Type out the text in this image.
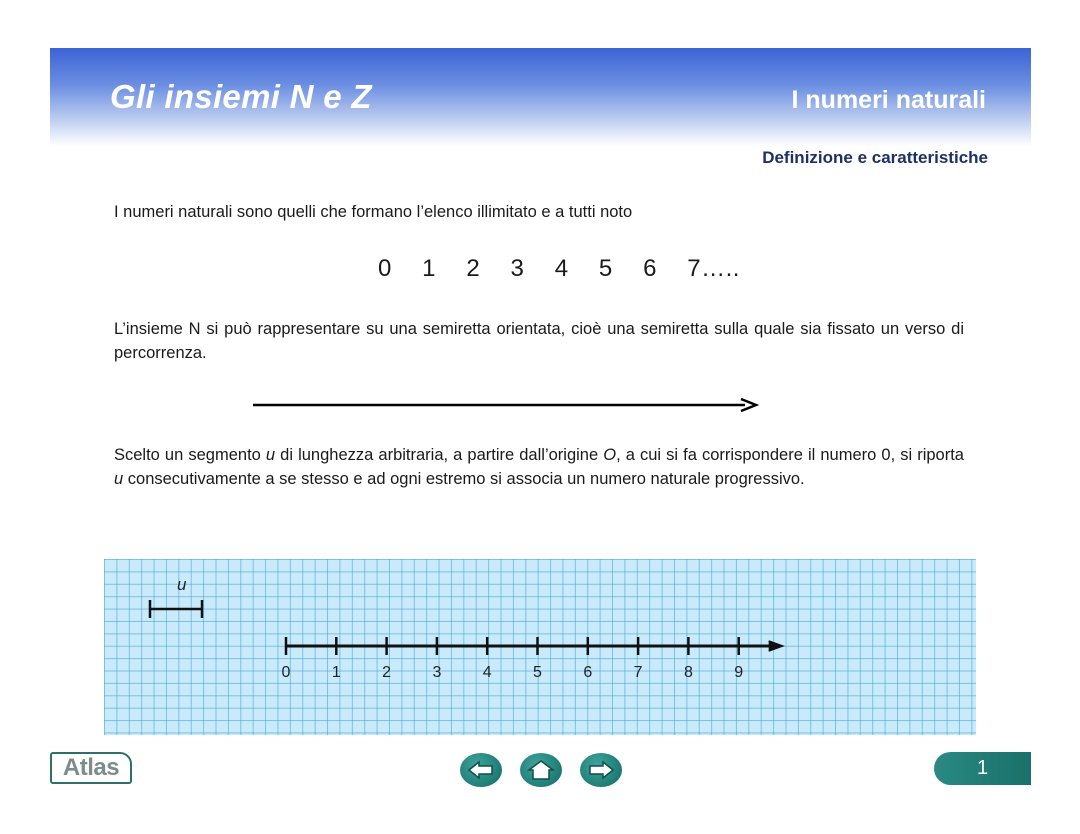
Gli insiemi N e Z	I numeri naturali
Definizione e caratteristiche
I numeri naturali sono quelli che formano l’elenco illimitato e a tutti noto
0  1  2  3  4  5  6  7…..
L’insieme N si può rappresentare su una semiretta orientata, cioè una semiretta sulla quale sia fissato un verso di percorrenza.
Scelto un segmento u di lunghezza arbitraria, a partire dall’origine O, a cui si fa corrispondere il numero 0, si riporta u consecutivamente a se stesso e ad ogni estremo si associa un numero naturale progressivo.
u
0	1	2	3	4	5	6	7	8	9
Atlas	1
